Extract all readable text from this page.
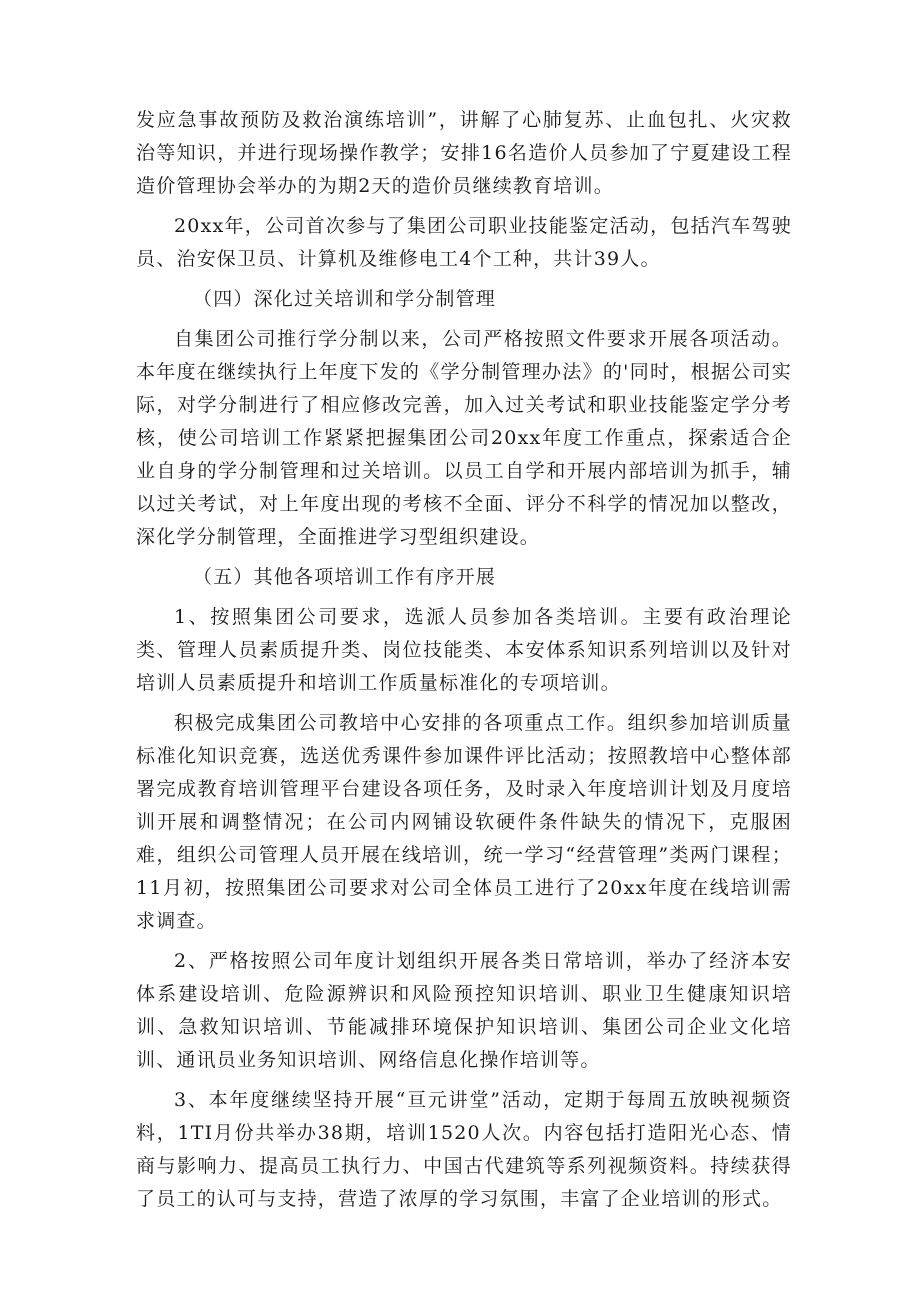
发应急事故预防及救治演练培训”，讲解了心肺复苏、止血包扎、火灾救治等知识，并进行现场操作教学；安排16名造价人员参加了宁夏建设工程造价管理协会举办的为期2天的造价员继续教育培训。

20xx年，公司首次参与了集团公司职业技能鉴定活动，包括汽车驾驶员、治安保卫员、计算机及维修电工4个工种，共计39人。

（四）深化过关培训和学分制管理

自集团公司推行学分制以来，公司严格按照文件要求开展各项活动。本年度在继续执行上年度下发的《学分制管理办法》的'同时，根据公司实际，对学分制进行了相应修改完善，加入过关考试和职业技能鉴定学分考核，使公司培训工作紧紧把握集团公司20xx年度工作重点，探索适合企业自身的学分制管理和过关培训。以员工自学和开展内部培训为抓手，辅以过关考试，对上年度出现的考核不全面、评分不科学的情况加以整改，深化学分制管理，全面推进学习型组织建设。

（五）其他各项培训工作有序开展

1、按照集团公司要求，选派人员参加各类培训。主要有政治理论类、管理人员素质提升类、岗位技能类、本安体系知识系列培训以及针对培训人员素质提升和培训工作质量标准化的专项培训。

积极完成集团公司教培中心安排的各项重点工作。组织参加培训质量标准化知识竞赛，选送优秀课件参加课件评比活动；按照教培中心整体部署完成教育培训管理平台建设各项任务，及时录入年度培训计划及月度培训开展和调整情况；在公司内网铺设软硬件条件缺失的情况下，克服困难，组织公司管理人员开展在线培训，统一学习“经营管理”类两门课程；11月初，按照集团公司要求对公司全体员工进行了20xx年度在线培训需求调查。

2、严格按照公司年度计划组织开展各类日常培训，举办了经济本安体系建设培训、危险源辨识和风险预控知识培训、职业卫生健康知识培训、急救知识培训、节能减排环境保护知识培训、集团公司企业文化培训、通讯员业务知识培训、网络信息化操作培训等。

3、本年度继续坚持开展“亘元讲堂”活动，定期于每周五放映视频资料，1TI月份共举办38期，培训1520人次。内容包括打造阳光心态、情商与影响力、提高员工执行力、中国古代建筑等系列视频资料。持续获得了员工的认可与支持，营造了浓厚的学习氛围，丰富了企业培训的形式。
